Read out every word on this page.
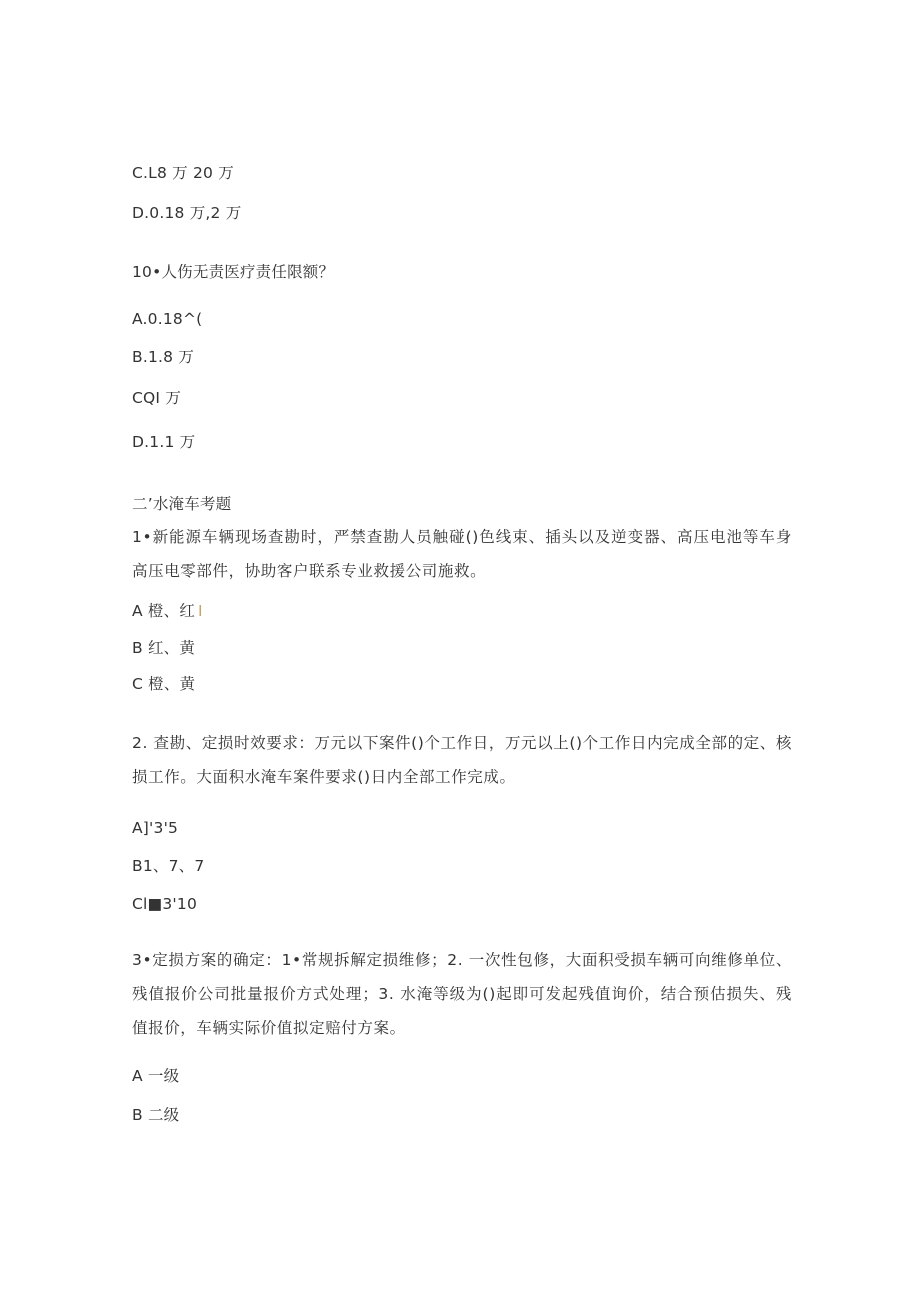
C.L8 万 20 万
D.0.18 万,2 万
10•人伤无责医疗责任限额？
A.0.18^(
B.1.8 万
CQI 万
D.1.1 万
二’水淹车考题
1•新能源车辆现场查勘时，严禁查勘人员触碰()色线束、插头以及逆变器、高压电池等车身高压电零部件，协助客户联系专业救援公司施救。
A 橙、红 I
B 红、黄
C 橙、黄
2. 查勘、定损时效要求：万元以下案件()个工作日，万元以上()个工作日内完成全部的定、核损工作。大面积水淹车案件要求()日内全部工作完成。
A]'3'5
B1、7、7
Cl■3'10
3•定损方案的确定：1•常规拆解定损维修；2. 一次性包修，大面积受损车辆可向维修单位、残值报价公司批量报价方式处理；3. 水淹等级为()起即可发起残值询价，结合预估损失、残值报价，车辆实际价值拟定赔付方案。
A 一级
B 二级
